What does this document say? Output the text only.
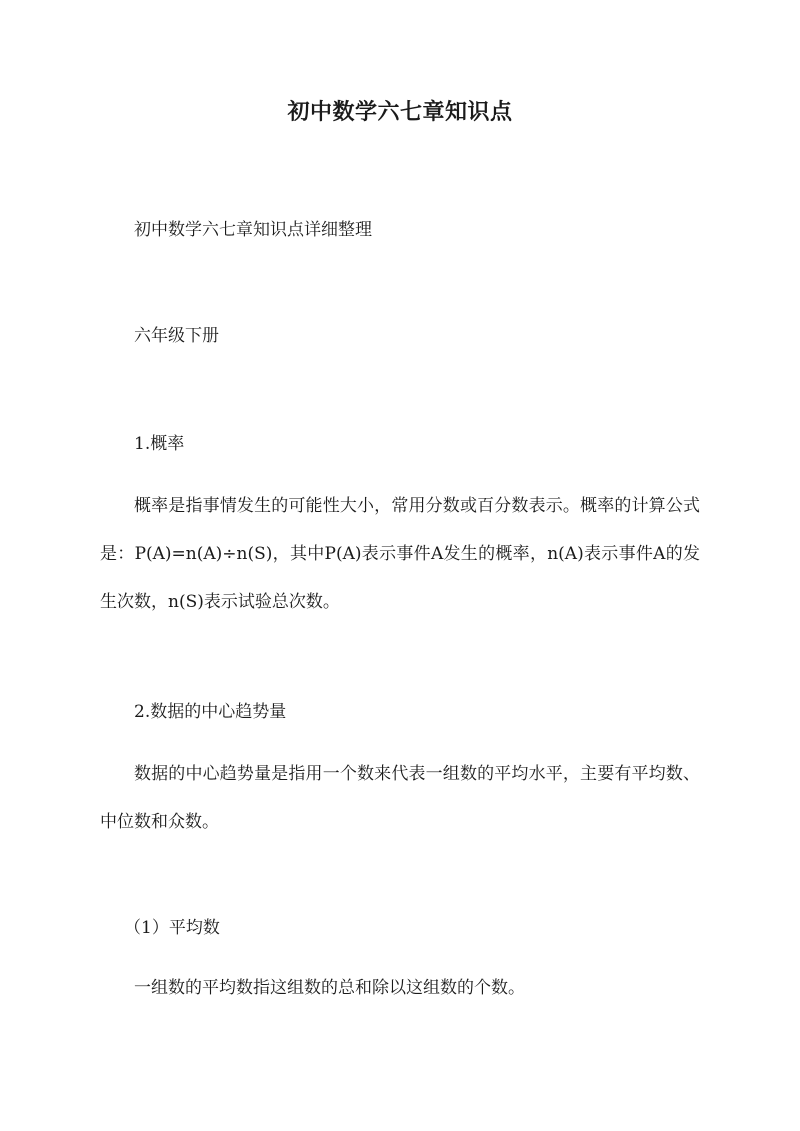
初中数学六七章知识点
初中数学六七章知识点详细整理
六年级下册
1.概率

概率是指事情发生的可能性大小，常用分数或百分数表示。概率的计算公式是：P(A)=n(A)÷n(S)，其中P(A)表示事件A发生的概率，n(A)表示事件A的发生次数，n(S)表示试验总次数。

2.数据的中心趋势量

数据的中心趋势量是指用一个数来代表一组数的平均水平，主要有平均数、中位数和众数。

（1）平均数
一组数的平均数指这组数的总和除以这组数的个数。
